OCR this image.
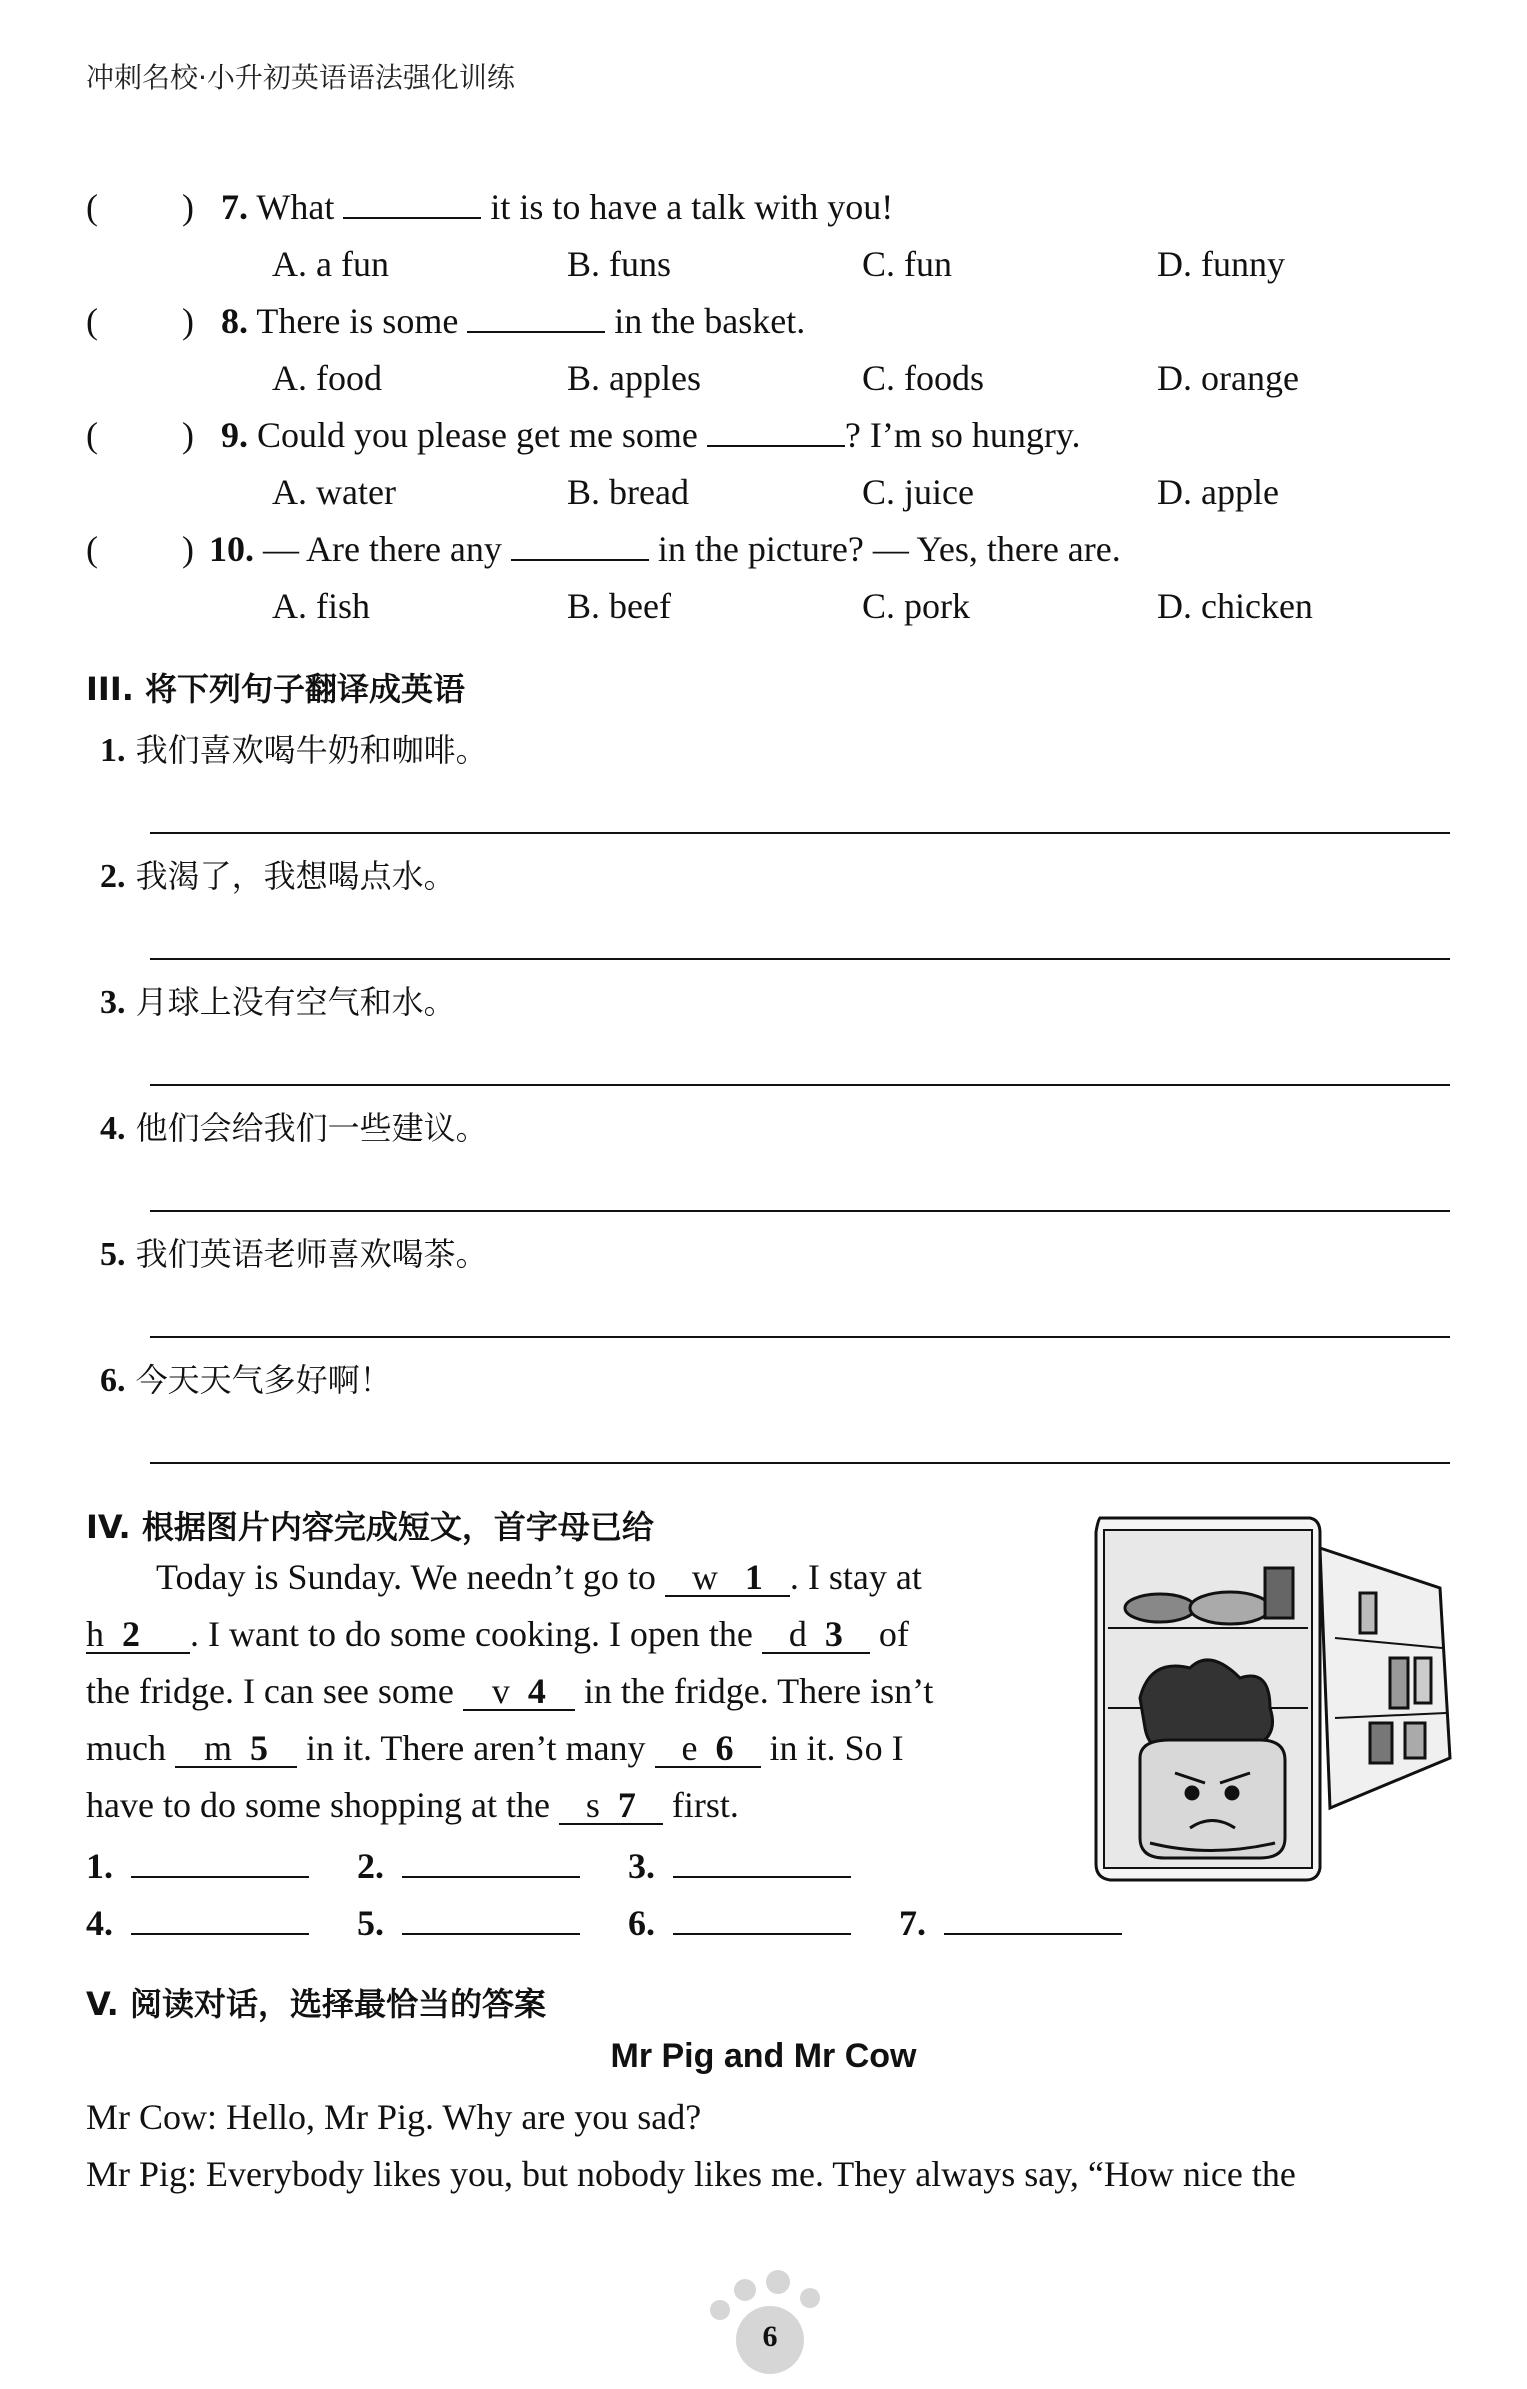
冲刺名校·小升初英语语法强化训练
( ) 7. What	it is to have a talk with you!
A. a fun	B. funs	C. fun	D. funny
( ) 8. There is some	in the basket.
A. food	B. apples	C. foods	D. orange
( ) 9. Could you please get me some	? I’m so hungry.
A. water	B. bread	C. juice	D. apple
( ) 10. — Are there any	in the picture? — Yes, there are.
A. fish	B. beef	C. pork	D. chicken
III. 将下列句子翻译成英语
1. 我们喜欢喝牛奶和咖啡。
2. 我渴了，我想喝点水。
3. 月球上没有空气和水。
4. 他们会给我们一些建议。
5. 我们英语老师喜欢喝茶。
6. 今天天气多好啊！
IV. 根据图片内容完成短文，首字母已给
Today is Sunday. We needn’t go to w 1 . I stay at
h 2 . I want to do some cooking. I open the d 3 of
the fridge. I can see some v 4 in the fridge. There isn’t
much m 5 in it. There aren’t many e 6 in it. So I
have to do some shopping at the s 7 first.
1.	2.	3.
4.	5.	6.	7.
V. 阅读对话，选择最恰当的答案
Mr Pig and Mr Cow
Mr Cow: Hello, Mr Pig. Why are you sad?
Mr Pig: Everybody likes you, but nobody likes me. They always say, “How nice the
6
